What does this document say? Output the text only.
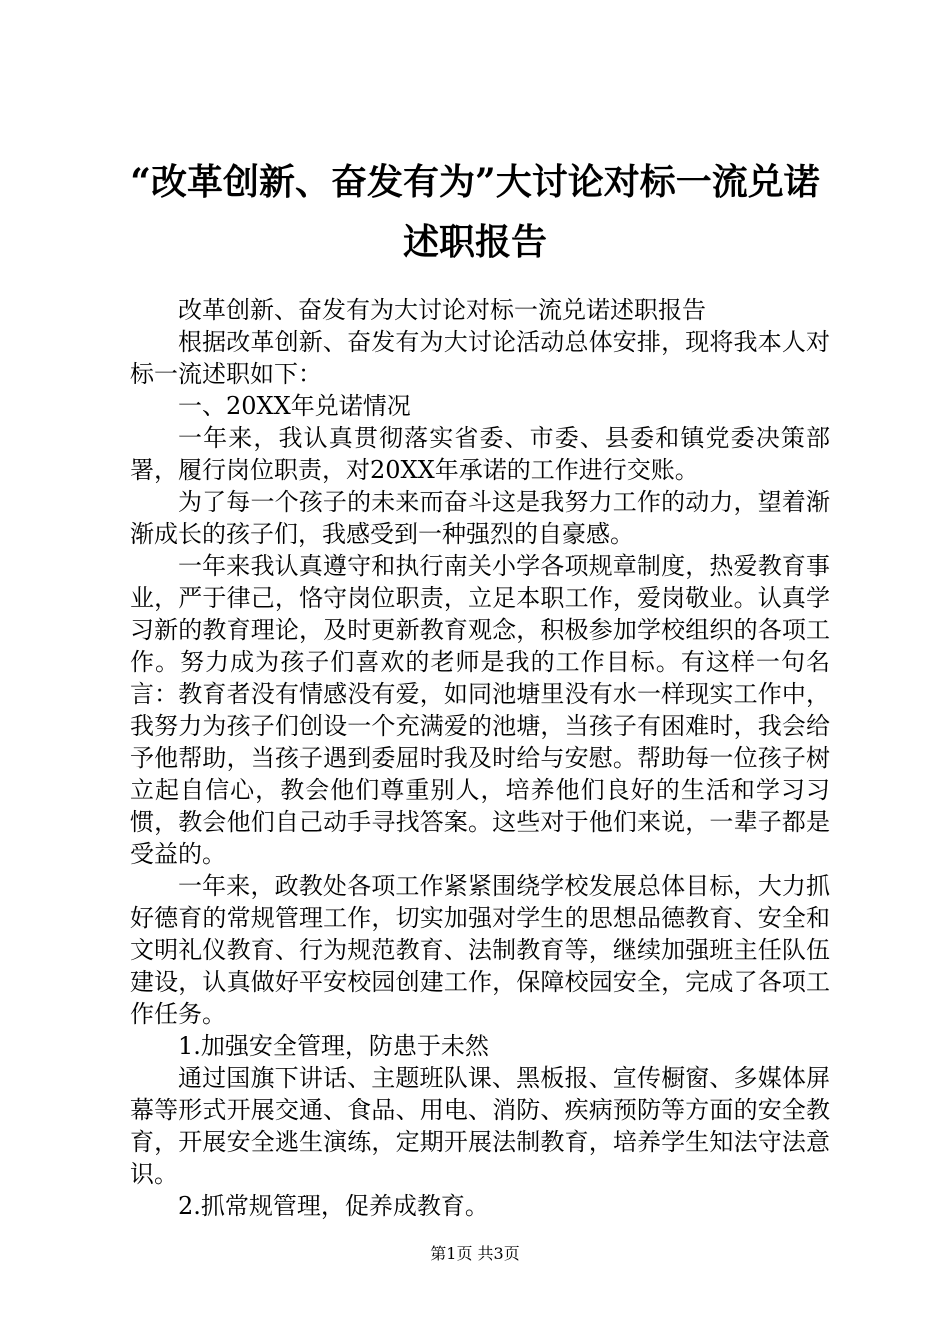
“改革创新、奋发有为”大讨论对标一流兑诺
述职报告

改革创新、奋发有为大讨论对标一流兑诺述职报告

根据改革创新、奋发有为大讨论活动总体安排，现将我本人对标一流述职如下：

一、20XX年兑诺情况

一年来，我认真贯彻落实省委、市委、县委和镇党委决策部署，履行岗位职责，对20XX年承诺的工作进行交账。

为了每一个孩子的未来而奋斗这是我努力工作的动力，望着渐渐成长的孩子们，我感受到一种强烈的自豪感。

一年来我认真遵守和执行南关小学各项规章制度，热爱教育事业，严于律己，恪守岗位职责，立足本职工作，爱岗敬业。认真学习新的教育理论，及时更新教育观念，积极参加学校组织的各项工作。努力成为孩子们喜欢的老师是我的工作目标。有这样一句名言：教育者没有情感没有爱，如同池塘里没有水一样现实工作中，我努力为孩子们创设一个充满爱的池塘，当孩子有困难时，我会给予他帮助，当孩子遇到委屈时我及时给与安慰。帮助每一位孩子树立起自信心，教会他们尊重别人，培养他们良好的生活和学习习惯，教会他们自己动手寻找答案。这些对于他们来说，一辈子都是受益的。

一年来，政教处各项工作紧紧围绕学校发展总体目标，大力抓好德育的常规管理工作，切实加强对学生的思想品德教育、安全和文明礼仪教育、行为规范教育、法制教育等，继续加强班主任队伍建设，认真做好平安校园创建工作，保障校园安全，完成了各项工作任务。

1.加强安全管理，防患于未然

通过国旗下讲话、主题班队课、黑板报、宣传橱窗、多媒体屏幕等形式开展交通、食品、用电、消防、疾病预防等方面的安全教育，开展安全逃生演练，定期开展法制教育，培养学生知法守法意识。

2.抓常规管理，促养成教育。

第1页 共3页
